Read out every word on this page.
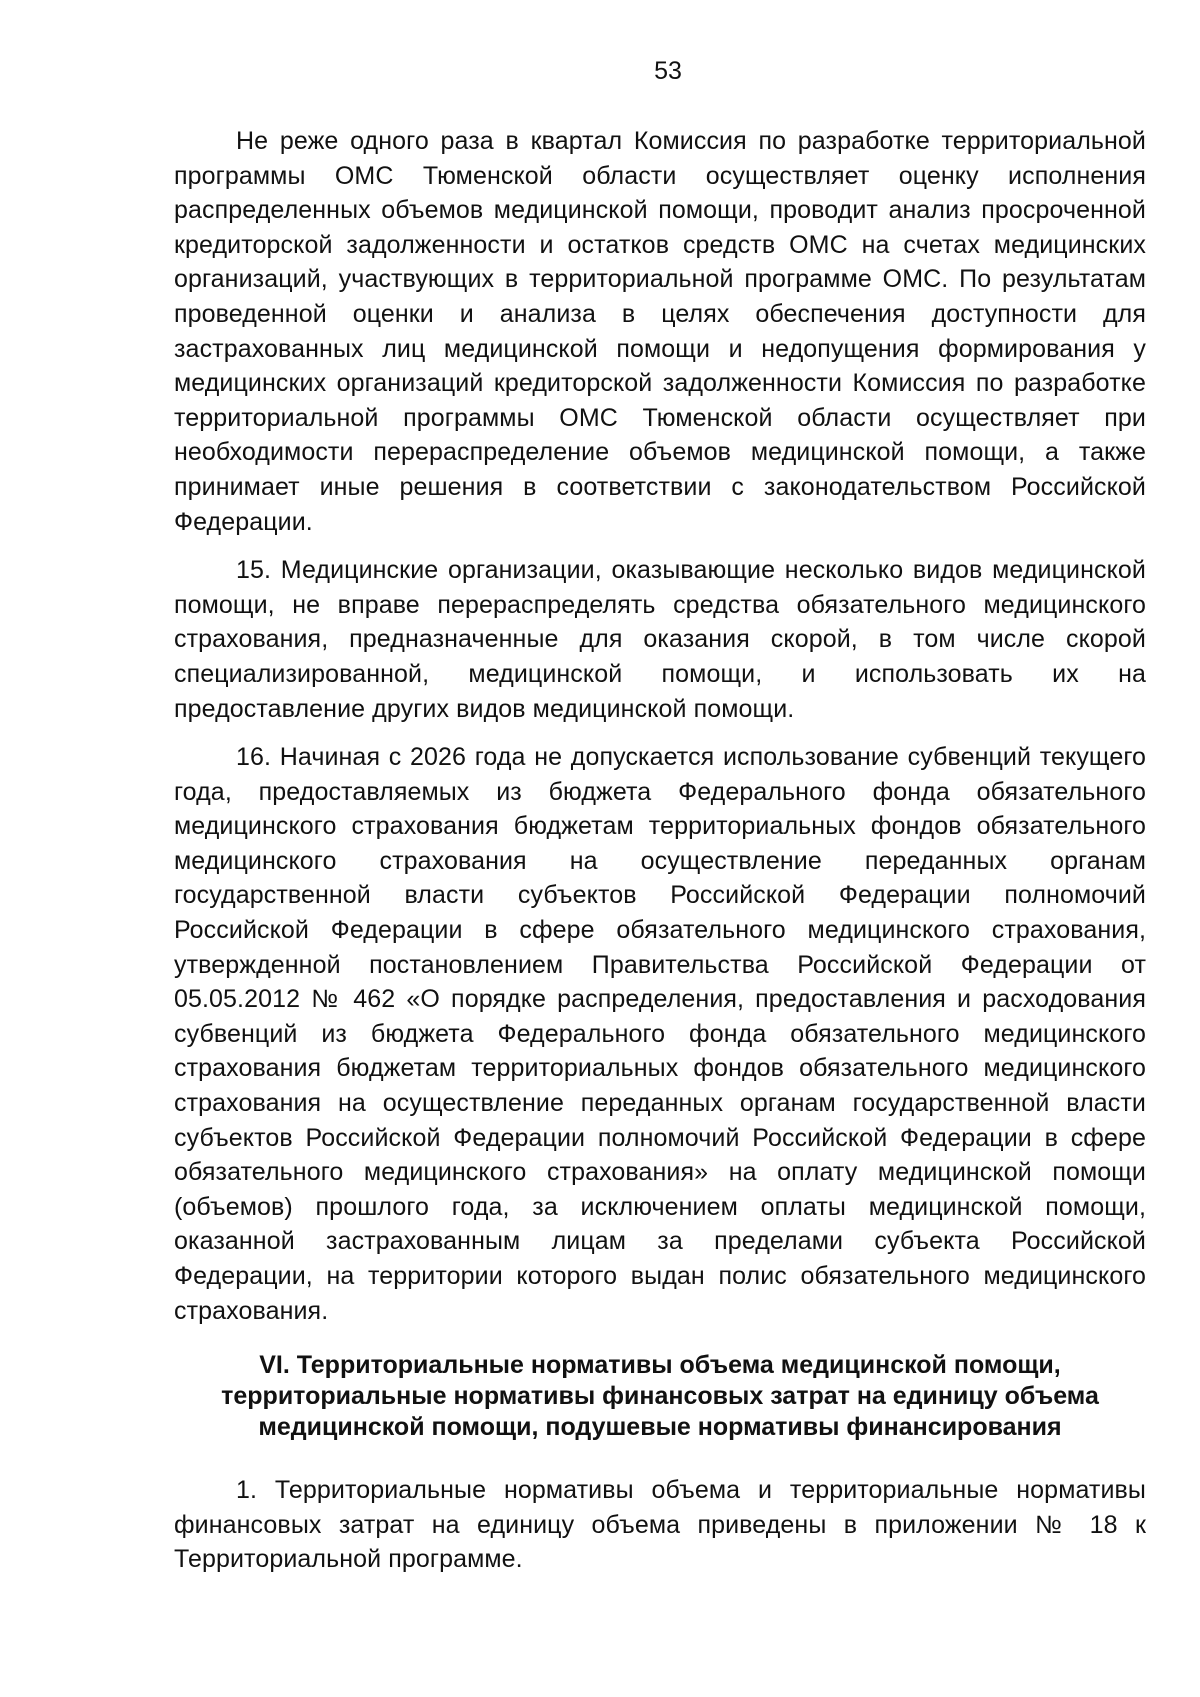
53

Не реже одного раза в квартал Комиссия по разработке территориальной программы ОМС Тюменской области осуществляет оценку исполнения распределенных объемов медицинской помощи, проводит анализ просроченной кредиторской задолженности и остатков средств ОМС на счетах медицинских организаций, участвующих в территориальной программе ОМС. По результатам проведенной оценки и анализа в целях обеспечения доступности для застрахованных лиц медицинской помощи и недопущения формирования у медицинских организаций кредиторской задолженности Комиссия по разработке территориальной программы ОМС Тюменской области осуществляет при необходимости перераспределение объемов медицинской помощи, а также принимает иные решения в соответствии с законодательством Российской Федерации.

15. Медицинские организации, оказывающие несколько видов медицинской помощи, не вправе перераспределять средства обязательного медицинского страхования, предназначенные для оказания скорой, в том числе скорой специализированной, медицинской помощи, и использовать их на предоставление других видов медицинской помощи.

16. Начиная с 2026 года не допускается использование субвенций текущего года, предоставляемых из бюджета Федерального фонда обязательного медицинского страхования бюджетам территориальных фондов обязательного медицинского страхования на осуществление переданных органам государственной власти субъектов Российской Федерации полномочий Российской Федерации в сфере обязательного медицинского страхования, утвержденной постановлением Правительства Российской Федерации от 05.05.2012 № 462 «О порядке распределения, предоставления и расходования субвенций из бюджета Федерального фонда обязательного медицинского страхования бюджетам территориальных фондов обязательного медицинского страхования на осуществление переданных органам государственной власти субъектов Российской Федерации полномочий Российской Федерации в сфере обязательного медицинского страхования» на оплату медицинской помощи (объемов) прошлого года, за исключением оплаты медицинской помощи, оказанной застрахованным лицам за пределами субъекта Российской Федерации, на территории которого выдан полис обязательного медицинского страхования.

VI. Территориальные нормативы объема медицинской помощи,
территориальные нормативы финансовых затрат на единицу объема
медицинской помощи, подушевые нормативы финансирования

1. Территориальные нормативы объема и территориальные нормативы финансовых затрат на единицу объема приведены в приложении № 18 к Территориальной программе.
